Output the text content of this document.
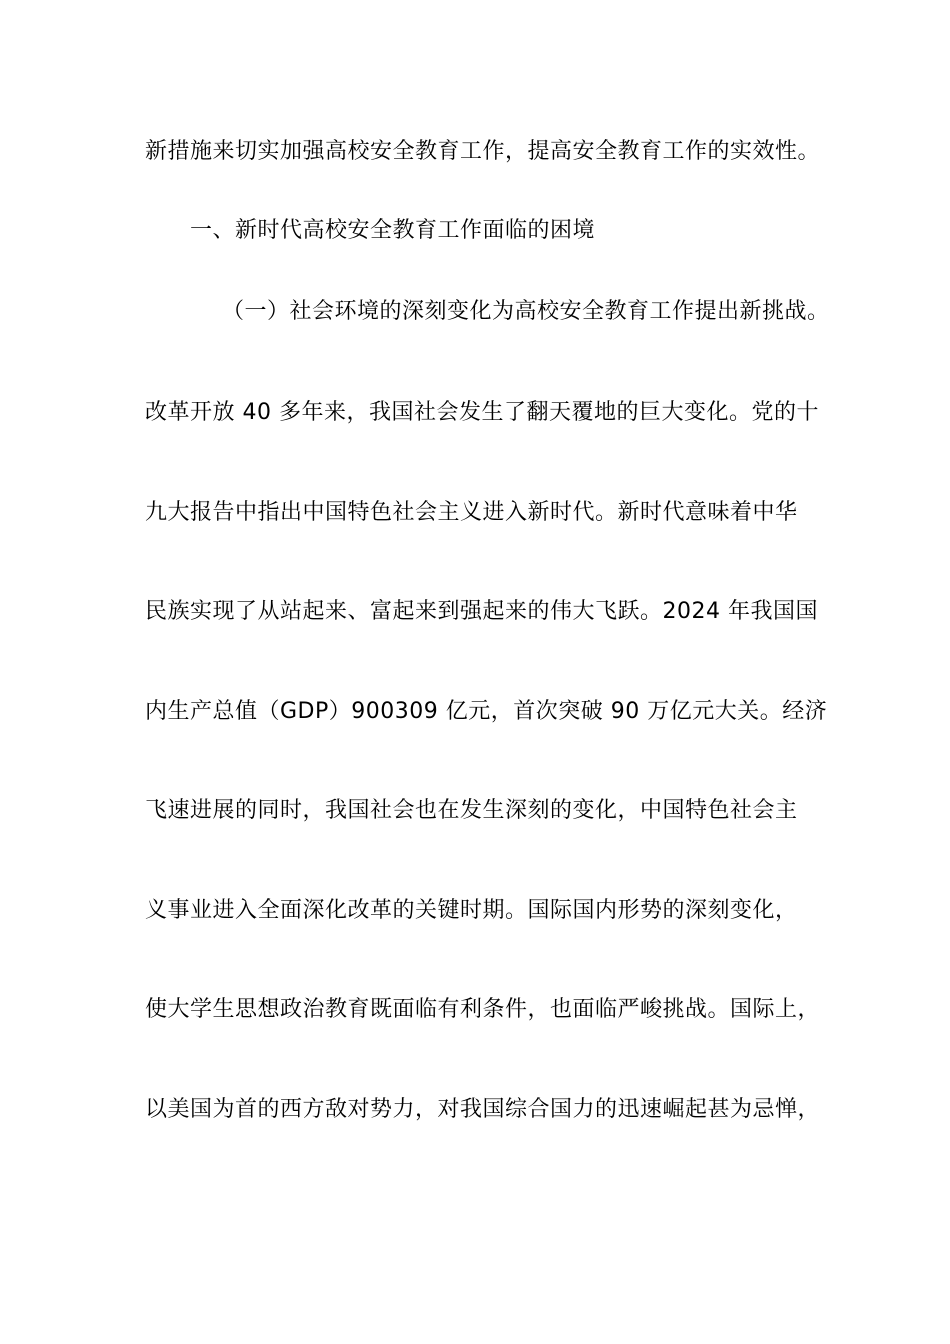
新措施来切实加强高校安全教育工作，提高安全教育工作的实效性。
一、新时代高校安全教育工作面临的困境
（一）社会环境的深刻变化为高校安全教育工作提出新挑战。
改革开放 40 多年来，我国社会发生了翻天覆地的巨大变化。党的十
九大报告中指出中国特色社会主义进入新时代。新时代意味着中华
民族实现了从站起来、富起来到强起来的伟大飞跃。2024 年我国国
内生产总值（GDP）900309 亿元，首次突破 90 万亿元大关。经济
飞速进展的同时，我国社会也在发生深刻的变化，中国特色社会主
义事业进入全面深化改革的关键时期。国际国内形势的深刻变化，
使大学生思想政治教育既面临有利条件，也面临严峻挑战。国际上，
以美国为首的西方敌对势力，对我国综合国力的迅速崛起甚为忌惮，
